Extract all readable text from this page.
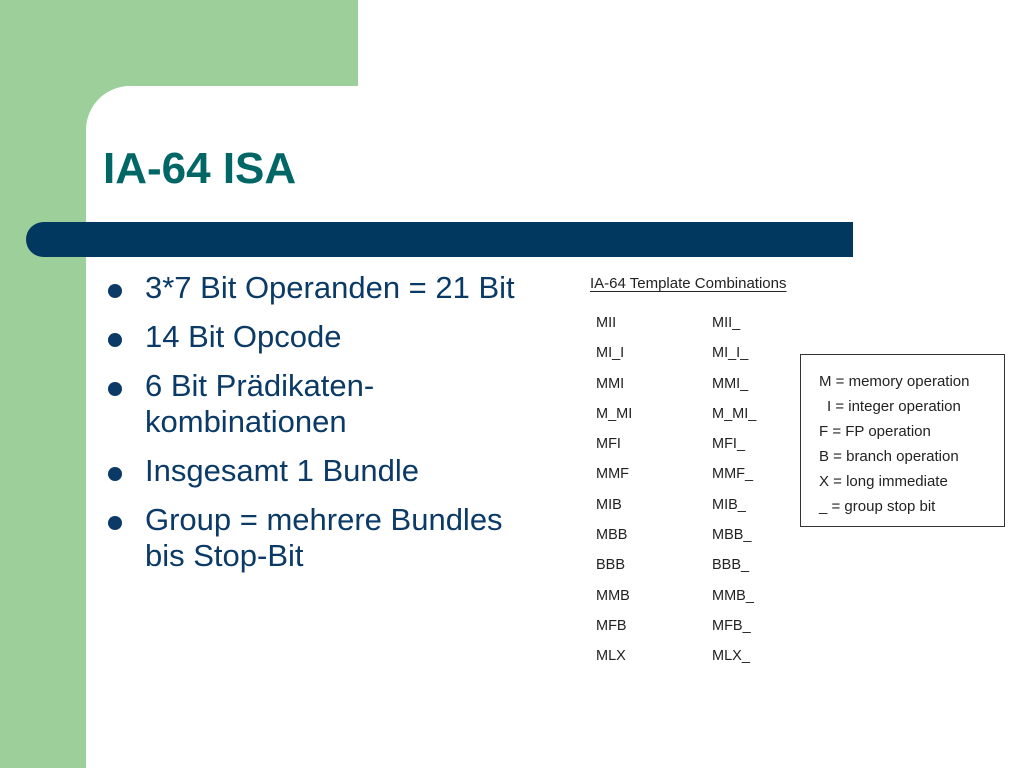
IA-64 ISA
3*7 Bit Operanden = 21 Bit
14 Bit Opcode
6 Bit Prädikaten-kombinationen
Insgesamt 1 Bundle
Group = mehrere Bundles bis Stop-Bit

IA-64 Template Combinations

MII
MI_I
MMI
M_MI
MFI
MMF
MIB
MBB
BBB
MMB
MFB
MLX
MII_
MI_I_
MMI_
M_MI_
MFI_
MMF_
MIB_
MBB_
BBB_
MMB_
MFB_
MLX_
M = memory operation
I = integer operation
F = FP operation
B = branch operation
X = long immediate
_ = group stop bit
